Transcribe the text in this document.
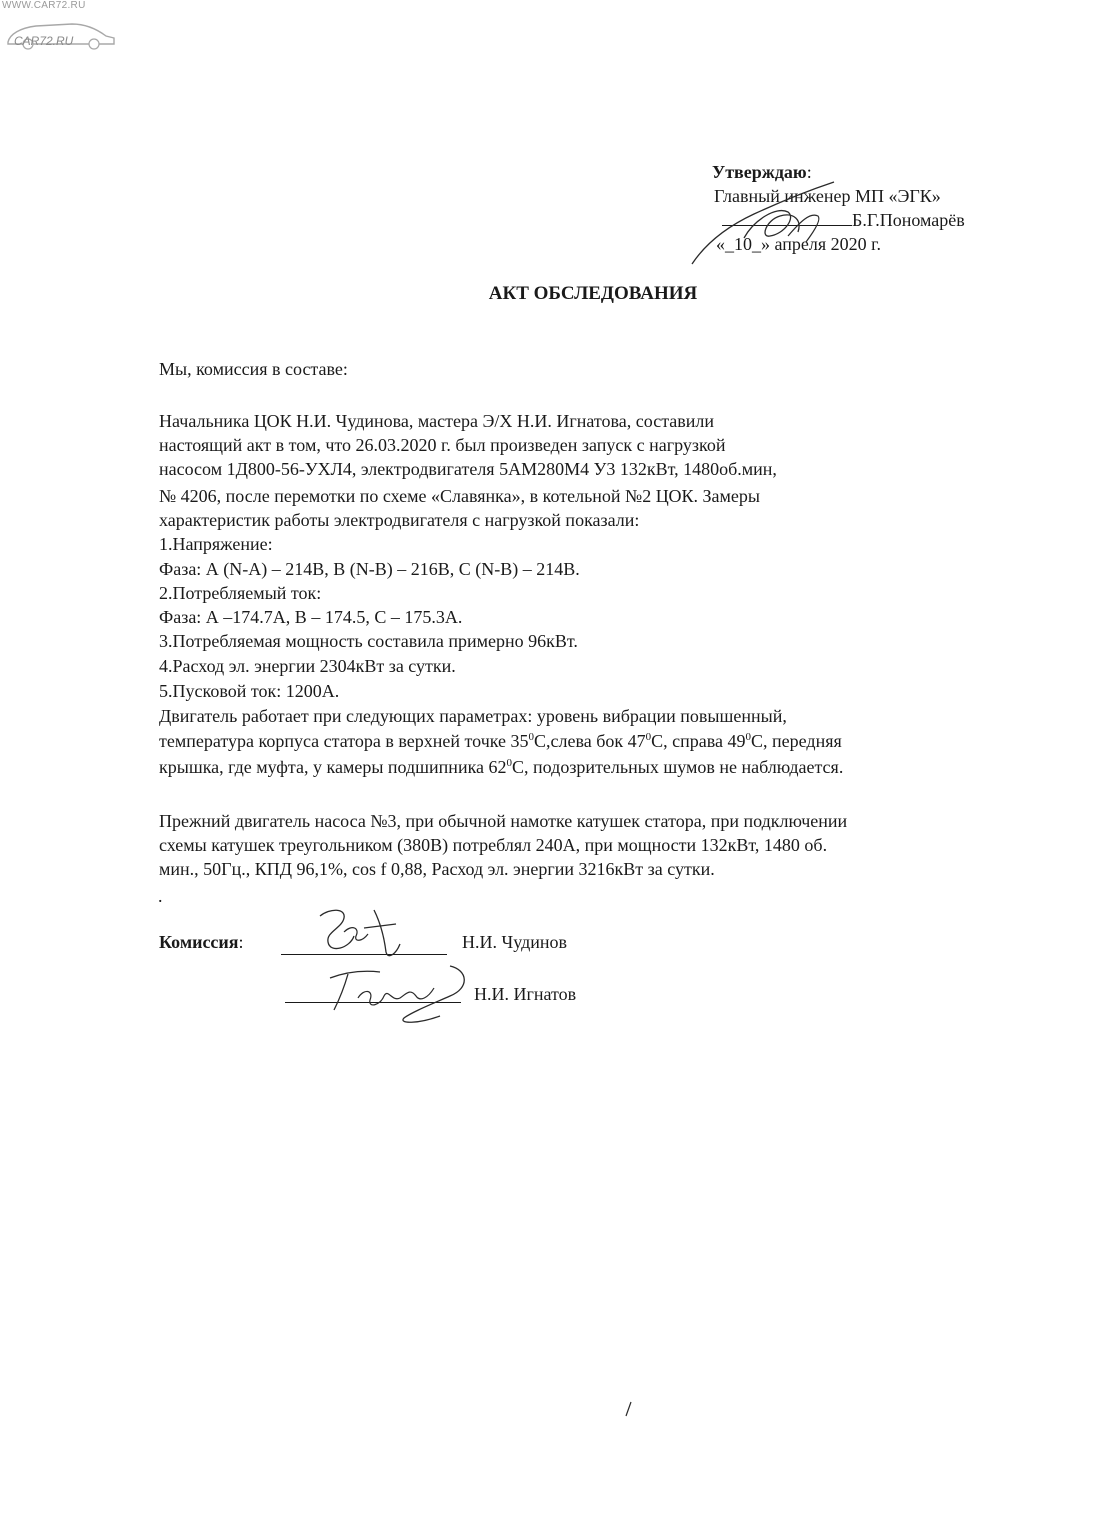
WWW.CAR72.RU
CAR72.RU
Утверждаю:
Главный инженер МП «ЭГК»
Б.Г.Пономарёв
«_10_» апреля 2020 г.
АКТ ОБСЛЕДОВАНИЯ
Мы, комиссия в составе:
Начальника ЦОК Н.И. Чудинова, мастера Э/Х Н.И. Игнатова, составили
настоящий акт в том, что 26.03.2020 г. был произведен запуск с нагрузкой
насосом 1Д800-56-УХЛ4, электродвигателя 5АМ280М4 У3 132кВт, 1480об.мин,
№ 4206, после перемотки по схеме «Славянка», в котельной №2 ЦОК. Замеры
характеристик работы электродвигателя с нагрузкой показали:
1.Напряжение:
Фаза: А (N-А) – 214В, В (N-В) – 216В, С (N-В) – 214В.
2.Потребляемый ток:
Фаза: А –174.7А, В – 174.5, С – 175.3А.
3.Потребляемая мощность составила примерно 96кВт.
4.Расход эл. энергии 2304кВт за сутки.
5.Пусковой ток: 1200А.
Двигатель работает при следующих параметрах: уровень вибрации повышенный,
температура корпуса статора в верхней точке $35^0С,слева$ бок $47^0С$, справа $49^0С$, передняя
крышка, где муфта, у камеры подшипника $62^0С$, подозрительных шумов не наблюдается.
Прежний двигатель насоса №3, при обычной намотке катушек статора, при подключении
схемы катушек треугольником (380В) потреблял 240А, при мощности 132кВт, 1480 об.
мин., 50Гц., КПД 96,1%, cos f 0,88, Расход эл. энергии 3216кВт за сутки.
.
Комиссия:	Н.И. Чудинов
Н.И. Игнатов
